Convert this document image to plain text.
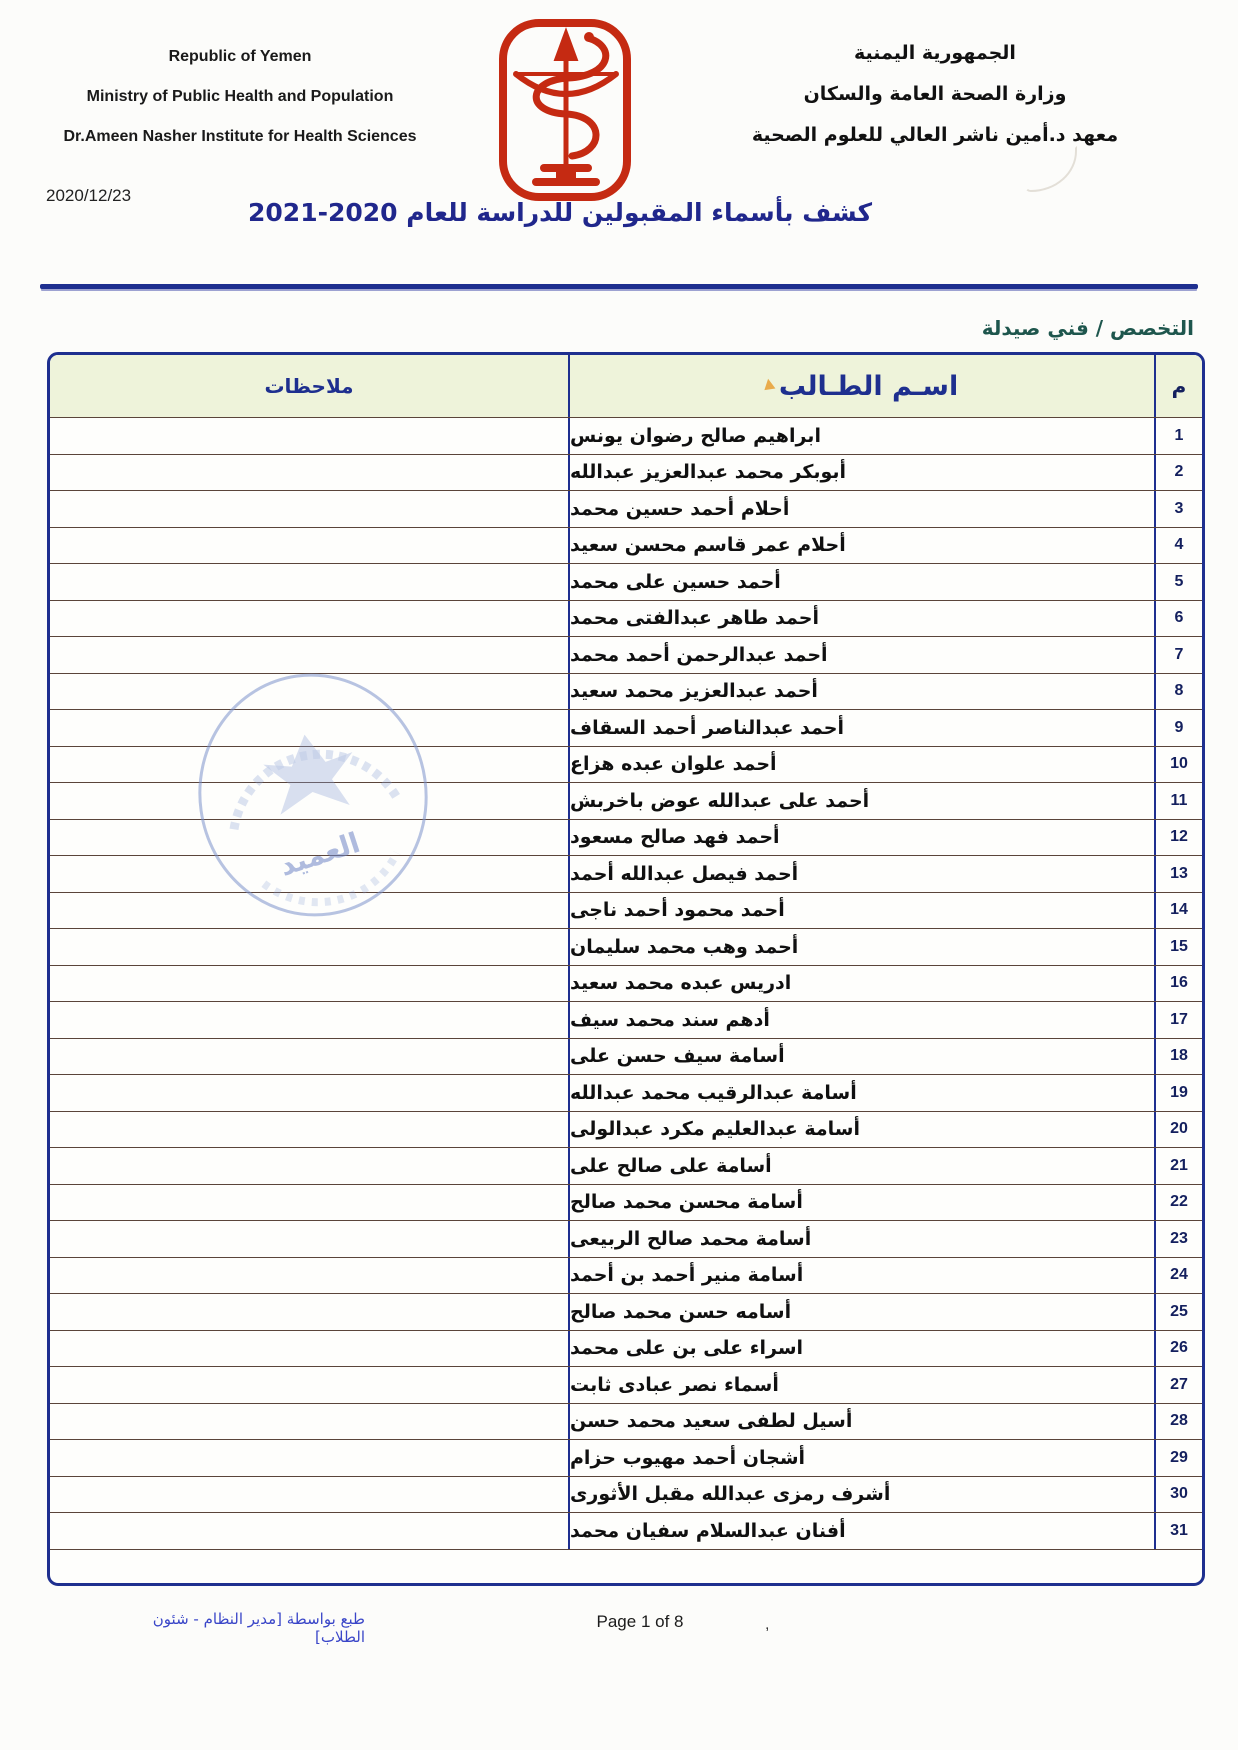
Republic of Yemen
Ministry of Public Health and Population
Dr.Ameen Nasher Institute for Health Sciences
الجمهورية اليمنية
وزارة الصحة العامة والسكان
معهد د.أمين ناشر العالي للعلوم الصحية
2020/12/23
كشف بأسماء المقبولين للدراسة للعام 2020-2021
التخصص / فني صيدلة
ملاحظات	اسـم الطـالب	م
ابراهيم صالح رضوان يونس	1
أبوبكر محمد عبدالعزيز عبدالله	2
أحلام أحمد حسين محمد	3
أحلام عمر قاسم محسن سعيد	4
أحمد حسين على محمد	5
أحمد طاهر عبدالفتى محمد	6
أحمد عبدالرحمن أحمد محمد	7
أحمد عبدالعزيز محمد سعيد	8
أحمد عبدالناصر أحمد السقاف	9
أحمد علوان عبده هزاع	10
أحمد على عبدالله عوض باخربش	11
أحمد فهد صالح مسعود	12
أحمد فيصل عبدالله أحمد	13
أحمد محمود أحمد ناجى	14
أحمد وهب محمد سليمان	15
ادريس عبده محمد سعيد	16
أدهم سند محمد سيف	17
أسامة سيف حسن على	18
أسامة عبدالرقيب محمد عبدالله	19
أسامة عبدالعليم مكرد عبدالولى	20
أسامة على صالح على	21
أسامة محسن محمد صالح	22
أسامة محمد صالح الربيعى	23
أسامة منير أحمد بن أحمد	24
أسامه حسن محمد صالح	25
اسراء على بن على محمد	26
أسماء نصر عبادى ثابت	27
أسيل لطفى سعيد محمد حسن	28
أشجان أحمد مهيوب حزام	29
أشرف رمزى عبدالله مقبل الأثورى	30
أفنان عبدالسلام سفيان محمد	31
العميد
طبع بواسطة [مدير النظام - شئون الطلاب]
Page 1 of 8	,
